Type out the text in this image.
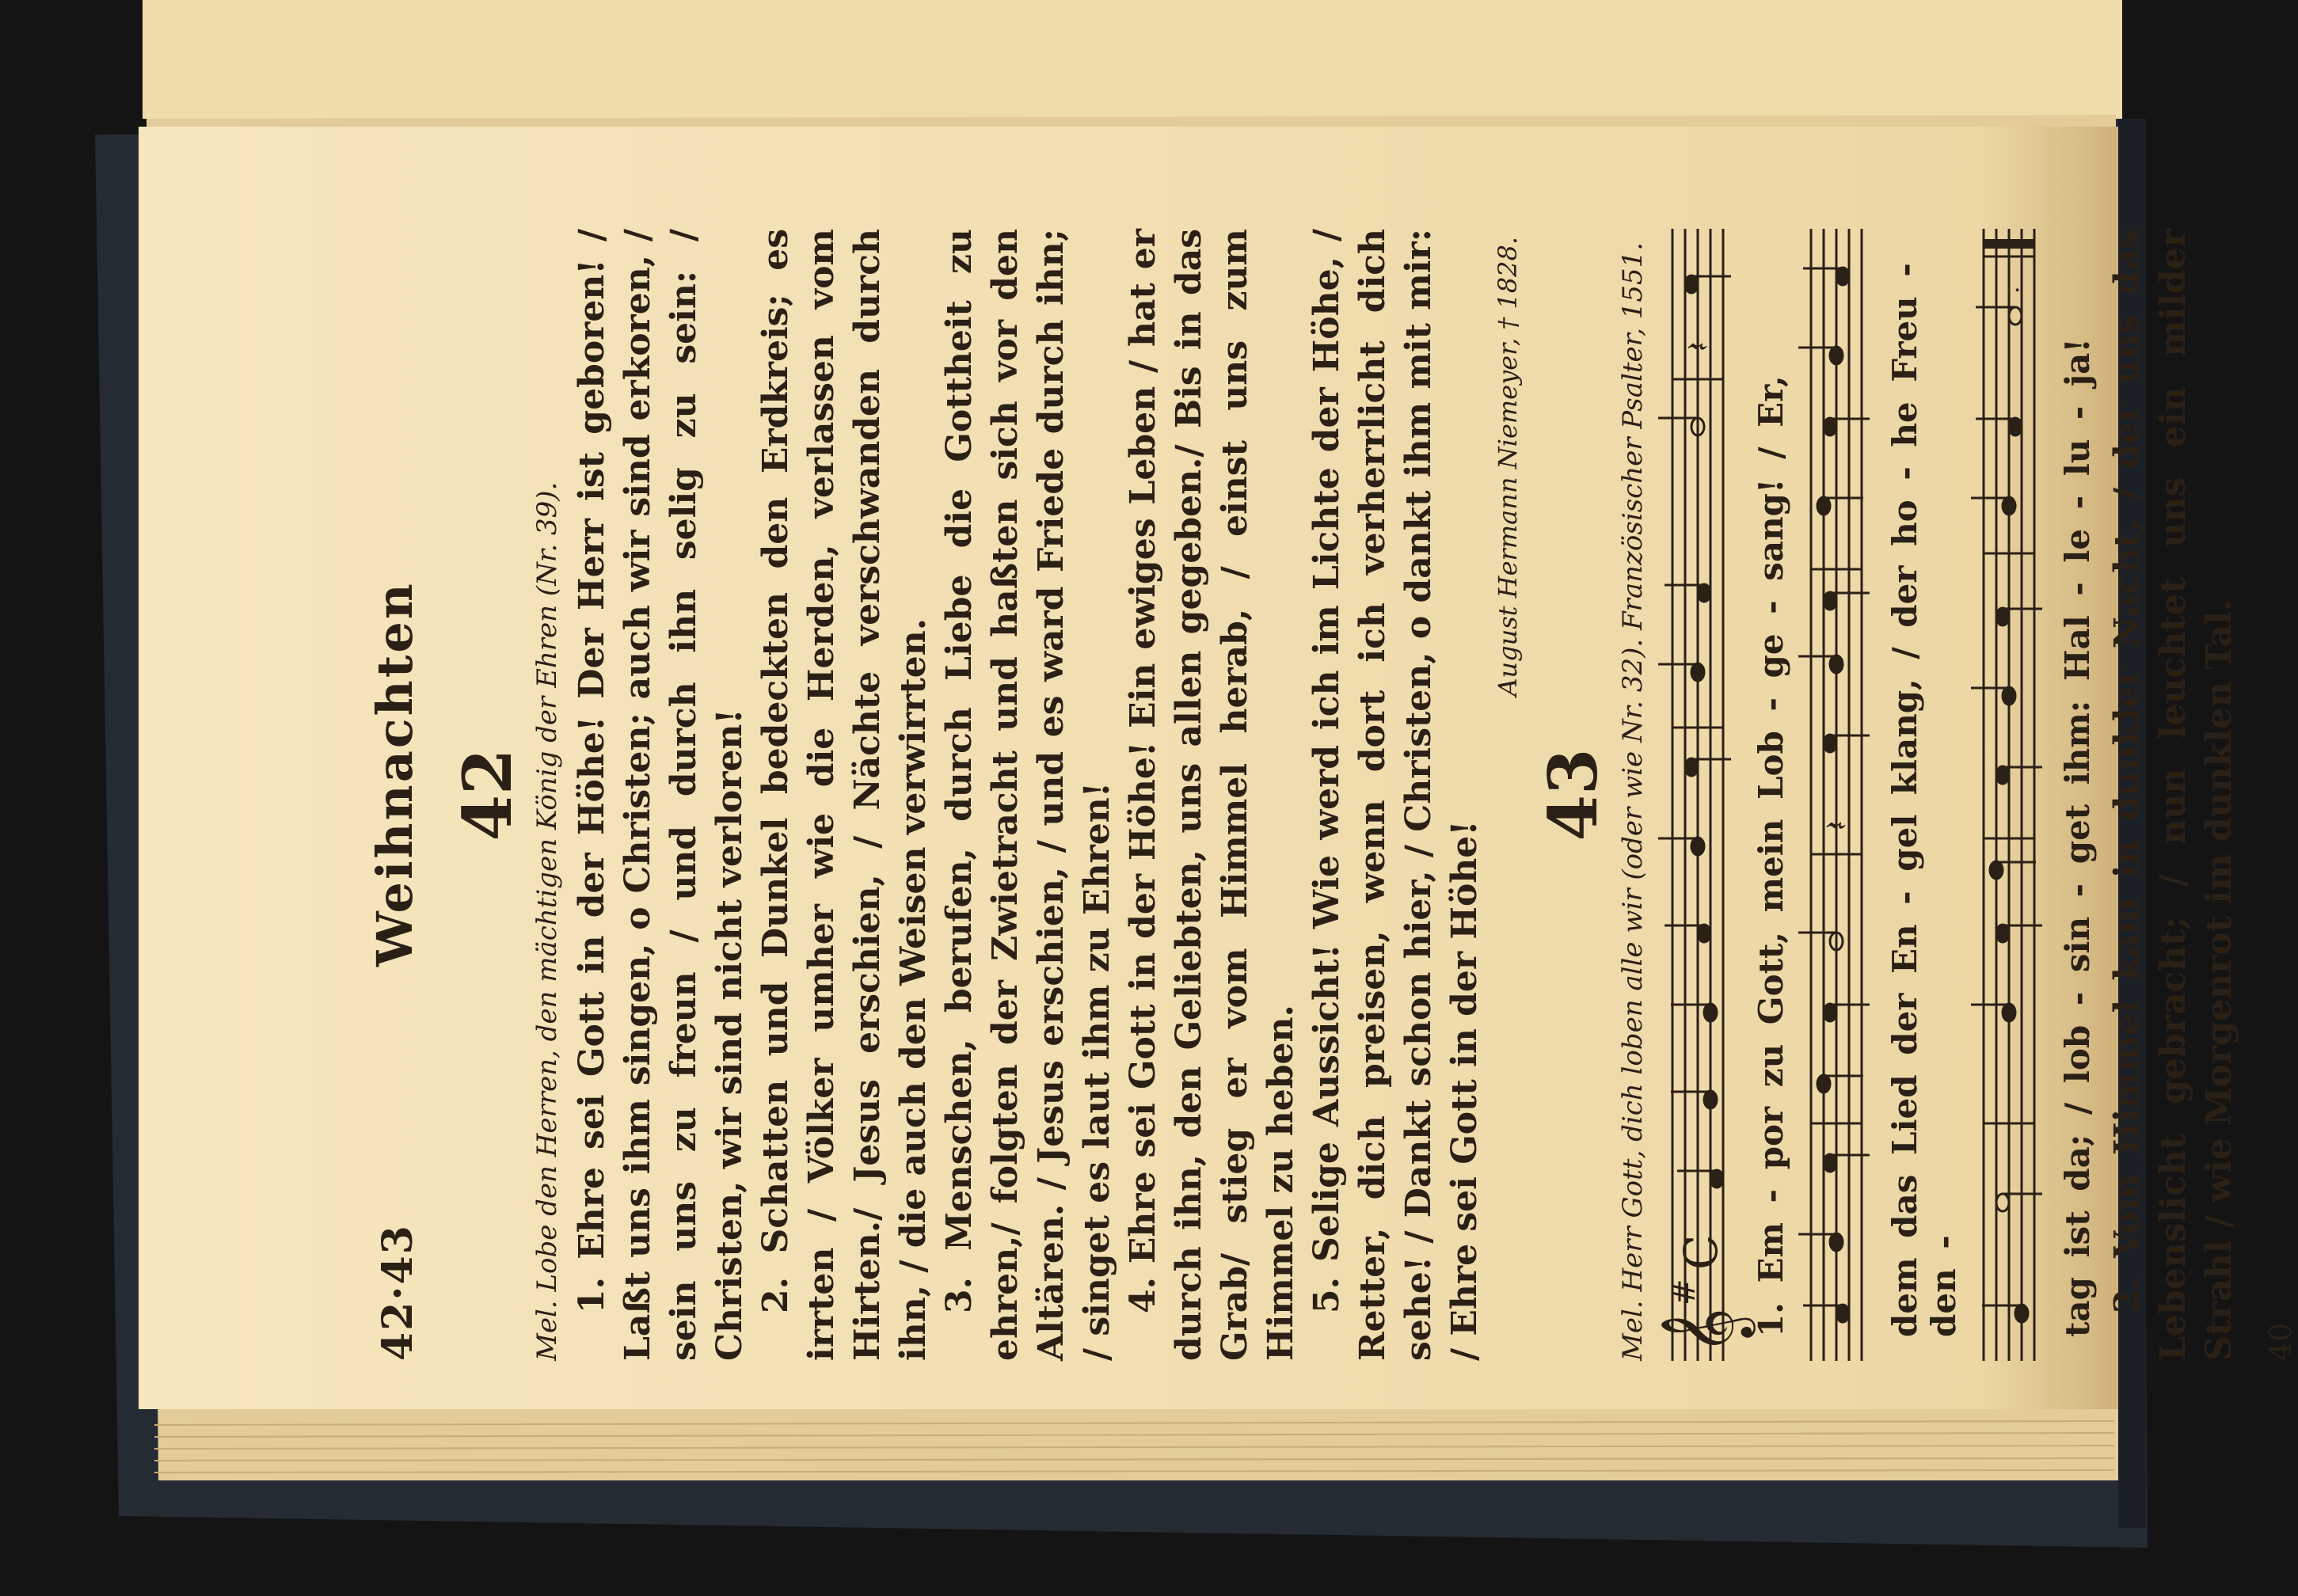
42·43
Weihnachten 42 Mel. Lobe den Herren, den mächtigen König der Ehren (Nr. 39). 1. Ehre sei Gott in der Höhe! Der Herr ist geboren! / Laßt uns ihm singen, o Christen; auch wir sind erkoren, / sein uns zu freun / und durch ihn selig zu sein: / Christen, wir sind nicht verloren! 2. Schatten und Dunkel bedeckten den Erdkreis; es irrten / Völker umher wie die Herden, verlassen vom Hirten./ Jesus erschien, / Nächte verschwanden durch ihn, / die auch den Weisen verwirrten. 3. Menschen, berufen, durch Liebe die Gottheit zu ehren,/ folgten der Zwietracht und haßten sich vor den Altären. / Jesus erschien, / und es ward Friede durch ihn; / singet es laut ihm zu Ehren! 4. Ehre sei Gott in der Höhe! Ein ewiges Leben / hat er durch ihn, den Geliebten, uns allen gegeben./ Bis in das Grab/ stieg er vom Himmel herab, / einst uns zum Himmel zu heben. 5. Selige Aussicht! Wie werd ich im Lichte der Höhe, / Retter, dich preisen, wenn dort ich verherrlicht dich sehe! / Dankt schon hier, / Christen, o dankt ihm mit mir: / Ehre sei Gott in der Höhe!

August Hermann Niemeyer, † 1828.
43 Mel. Herr Gott, dich loben alle wir (oder wie Nr. 32). Französischer Psalter, 1551. 𝄞
#
C
𝄽
1. Em - por zu Gott, mein Lob - ge - sang! / Er, 𝄽 dem das Lied der En - gel klang, / der ho - he Freu - den -
.
tag ist da; / lob - sin - get ihm: Hal - le - lu - ja! 2. Vom Himmel kam in dunkler Nacht, / der uns das Lebenslicht gebracht; / nun leuchtet uns ein milder Strahl / wie Morgenrot im dunklen Tal. 40
